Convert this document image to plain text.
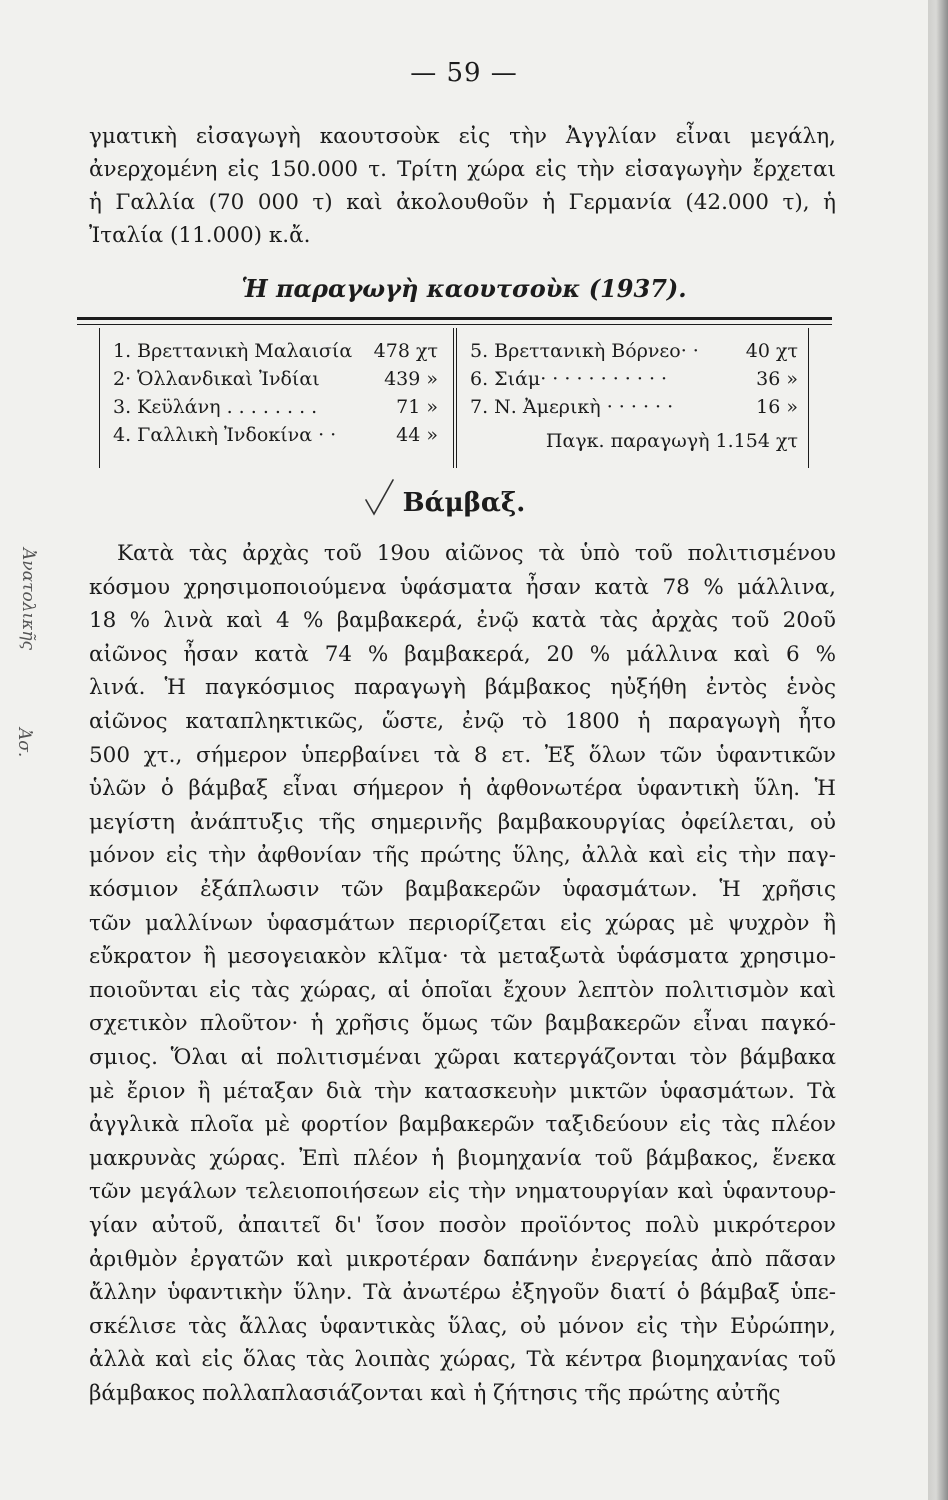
— 59 —
γματικὴ εἰσαγωγὴ καουτσοὺκ εἰς τὴν Ἀγγλίαν εἶναι μεγάλη,
ἀνερχομένη εἰς 150.000 τ. Τρίτη χώρα εἰς τὴν εἰσαγωγὴν ἔρχεται
ἡ Γαλλία (70 000 τ) καὶ ἀκολουθοῦν ἡ Γερμανία (42.000 τ), ἡ
Ἰταλία (11.000) κ.ἄ.
Ἡ παραγωγὴ καουτσοὺκ (1937).
1. Βρεττανικὴ Μαλαισία	478 χτ
2· Ὁλλανδικαὶ Ἰνδίαι	439 »
3. Κεϋλάνη . . . . . . . .	71 »
4. Γαλλικὴ Ἰνδοκίνα · ·	44 »
5. Βρεττανικὴ Βόρνεο· ·	40 χτ
6. Σιάμ· · · · · · · · · · ·	36 »
7. Ν. Ἀμερικὴ · · · · · ·	16 »
Παγκ. παραγωγὴ 1.154 χτ
Βάμβαξ.
Κατὰ τὰς ἀρχὰς τοῦ 19ου αἰῶνος τὰ ὑπὸ τοῦ πολιτισμένου
κόσμου χρησιμοποιούμενα ὑφάσματα ἦσαν κατὰ 78 % μάλλινα,
18 % λινὰ καὶ 4 % βαμβακερά, ἐνῷ κατὰ τὰς ἀρχὰς τοῦ 20οῦ
αἰῶνος ἦσαν κατὰ 74 % βαμβακερά, 20 % μάλλινα καὶ 6 %
λινά. Ἡ παγκόσμιος παραγωγὴ βάμβακος ηὐξήθη ἐντὸς ἑνὸς
αἰῶνος καταπληκτικῶς, ὥστε, ἐνῷ τὸ 1800 ἡ παραγωγὴ ἦτο
500 χτ., σήμερον ὑπερβαίνει τὰ 8 ετ. Ἐξ ὅλων τῶν ὑφαντικῶν
ὑλῶν ὁ βάμβαξ εἶναι σήμερον ἡ ἀφθονωτέρα ὑφαντικὴ ὕλη. Ἡ
μεγίστη ἀνάπτυξις τῆς σημερινῆς βαμβακουργίας ὀφείλεται, οὐ
μόνον εἰς τὴν ἀφθονίαν τῆς πρώτης ὕλης, ἀλλὰ καὶ εἰς τὴν παγ-
κόσμιον ἐξάπλωσιν τῶν βαμβακερῶν ὑφασμάτων. Ἡ χρῆσις
τῶν μαλλίνων ὑφασμάτων περιορίζεται εἰς χώρας μὲ ψυχρὸν ἢ
εὔκρατον ἢ μεσογειακὸν κλῖμα· τὰ μεταξωτὰ ὑφάσματα χρησιμο-
ποιοῦνται εἰς τὰς χώρας, αἱ ὁποῖαι ἔχουν λεπτὸν πολιτισμὸν καὶ
σχετικὸν πλοῦτον· ἡ χρῆσις ὅμως τῶν βαμβακερῶν εἶναι παγκό-
σμιος. Ὅλαι αἱ πολιτισμέναι χῶραι κατεργάζονται τὸν βάμβακα
μὲ ἔριον ἢ μέταξαν διὰ τὴν κατασκευὴν μικτῶν ὑφασμάτων. Τὰ
ἀγγλικὰ πλοῖα μὲ φορτίον βαμβακερῶν ταξιδεύουν εἰς τὰς πλέον
μακρυνὰς χώρας. Ἐπὶ πλέον ἡ βιομηχανία τοῦ βάμβακος, ἕνεκα
τῶν μεγάλων τελειοποιήσεων εἰς τὴν νηματουργίαν καὶ ὑφαντουρ-
γίαν αὐτοῦ, ἀπαιτεῖ δι' ἴσον ποσὸν προϊόντος πολὺ μικρότερον
ἀριθμὸν ἐργατῶν καὶ μικροτέραν δαπάνην ἐνεργείας ἀπὸ πᾶσαν
ἄλλην ὑφαντικὴν ὕλην. Τὰ ἀνωτέρω ἐξηγοῦν διατί ὁ βάμβαξ ὑπε-
σκέλισε τὰς ἄλλας ὑφαντικὰς ὕλας, οὐ μόνον εἰς τὴν Εὐρώπην,
ἀλλὰ καὶ εἰς ὅλας τὰς λοιπὰς χώρας, Τὰ κέντρα βιομηχανίας τοῦ
βάμβακος πολλαπλασιάζονται καὶ ἡ ζήτησις τῆς πρώτης αὐτῆς
Ἀνατολικῆς
Ἀσ.
